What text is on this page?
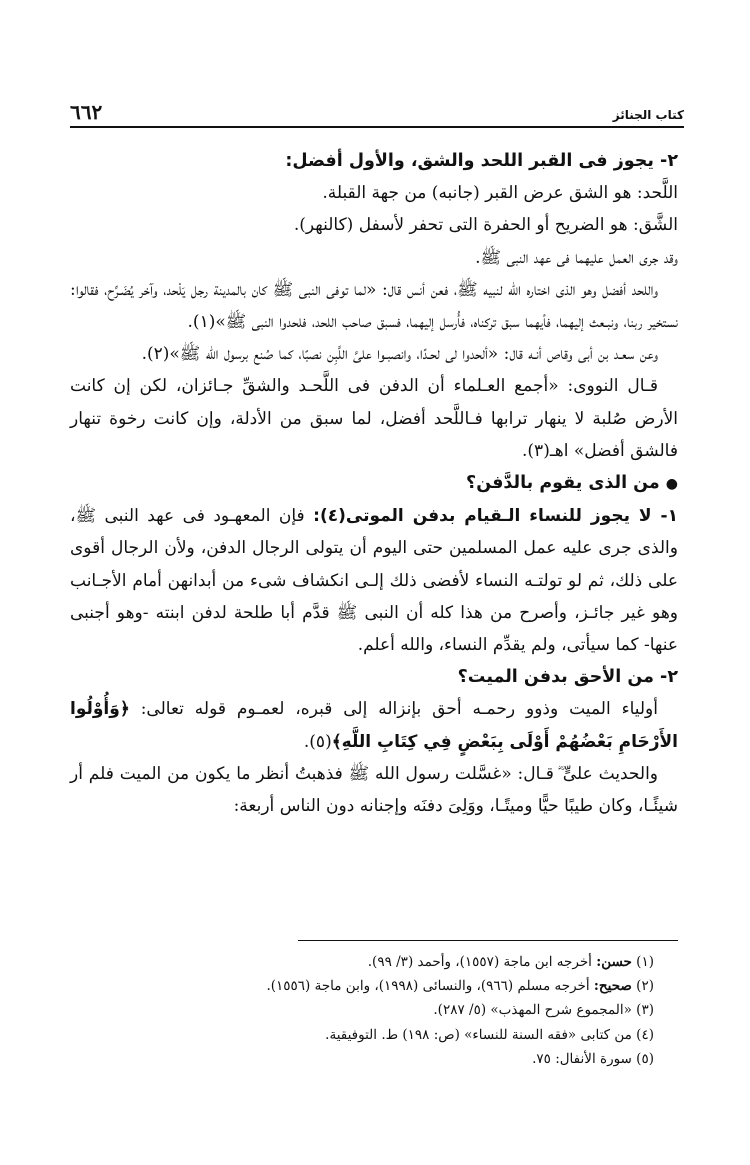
٦٦٢	كتاب الجنائز

٢- يجوز فى القبر اللحد والشق، والأول أفضل:

اللَّحد: هو الشق عرض القبر (جانبه) من جهة القبلة.

الشَّق: هو الضريح أو الحفرة التى تحفر لأسفل (كالنهر).

وقد جرى العمل عليهما فى عهد النبى ﷺ.

واللحد أفضل وهو الذى اختاره الله لنبيه ﷺ، فعن أنس قال: «لما توفى النبى ﷺ كان بالمدينة رجل يَلْحد، وآخر يُضَـرِّح، فقالوا: نستخير ربنا، ونبـعث إليهما، فأيهما سبق تركناه، فأُرسل إليهما، فسبق صاحب اللحد، فلحدوا النبى ﷺ»(١).

وعن سعـد بن أبى وقاص أنـه قال: «ألحدوا لى لحـدًا، وانصبـوا علىَّ اللَّبِن نصبًا، كما صُنع برسول الله ﷺ»(٢).

قـال النووى: «أجمع العـلماء أن الدفن فى اللَّحـد والشقِّ جـائزان، لكن إن كانت الأرض صُلبة لا ينهار ترابها فـاللَّحد أفضل، لما سبق من الأدلة، وإن كانت رخوة تنهار فالشق أفضل» اهـ(٣).

●من الذى يقوم بالدَّفن؟

١- لا يجوز للنساء الـقيام بدفن الموتى(٤): فإن المعهـود فى عهد النبى ﷺ، والذى جرى عليه عمل المسلمين حتى اليوم أن يتولى الرجال الدفن، ولأن الرجال أقوى على ذلك، ثم لو تولتـه النساء لأفضى ذلك إلـى انكشاف شىء من أبدانهن أمام الأجـانب وهو غير جائـز، وأصرح من هذا كله أن النبى ﷺ قدَّم أبا طلحة لدفن ابنته -وهو أجنبى عنها- كما سيأتى، ولم يقدِّم النساء، والله أعلم.

٢- من الأحق بدفن الميت؟

أولياء الميت وذوو رحمـه أحق بإنزاله إلى قبره، لعمـوم قوله تعالى: ﴿وَأُوْلُوا الأَرْحَامِ بَعْضُهُمْ أَوْلَى بِبَعْضٍ فِي كِتَابِ اللَّهِ﴾(٥).

والحديث علىٍّ ؓ قـال: «غسَّلت رسول الله ﷺ فذهبتُ أنظر ما يكون من الميت فلم أر شيئًـا، وكان طيبًا حيًّا وميتًـا، ووَلِىَ دفنَه وإجنانه دون الناس أربعة:

(١) حسن: أخرجه ابن ماجة (١٥٥٧)، وأحمد (٣/ ٩٩).

(٢) صحيح: أخرجه مسلم (٩٦٦)، والنسائى (١٩٩٨)، وابن ماجة (١٥٥٦).

(٣) «المجموع شرح المهذب» (٥/ ٢٨٧).

(٤) من كتابى «فقه السنة للنساء» (ص: ١٩٨) ط. التوفيقية.

(٥) سورة الأنفال: ٧٥.
